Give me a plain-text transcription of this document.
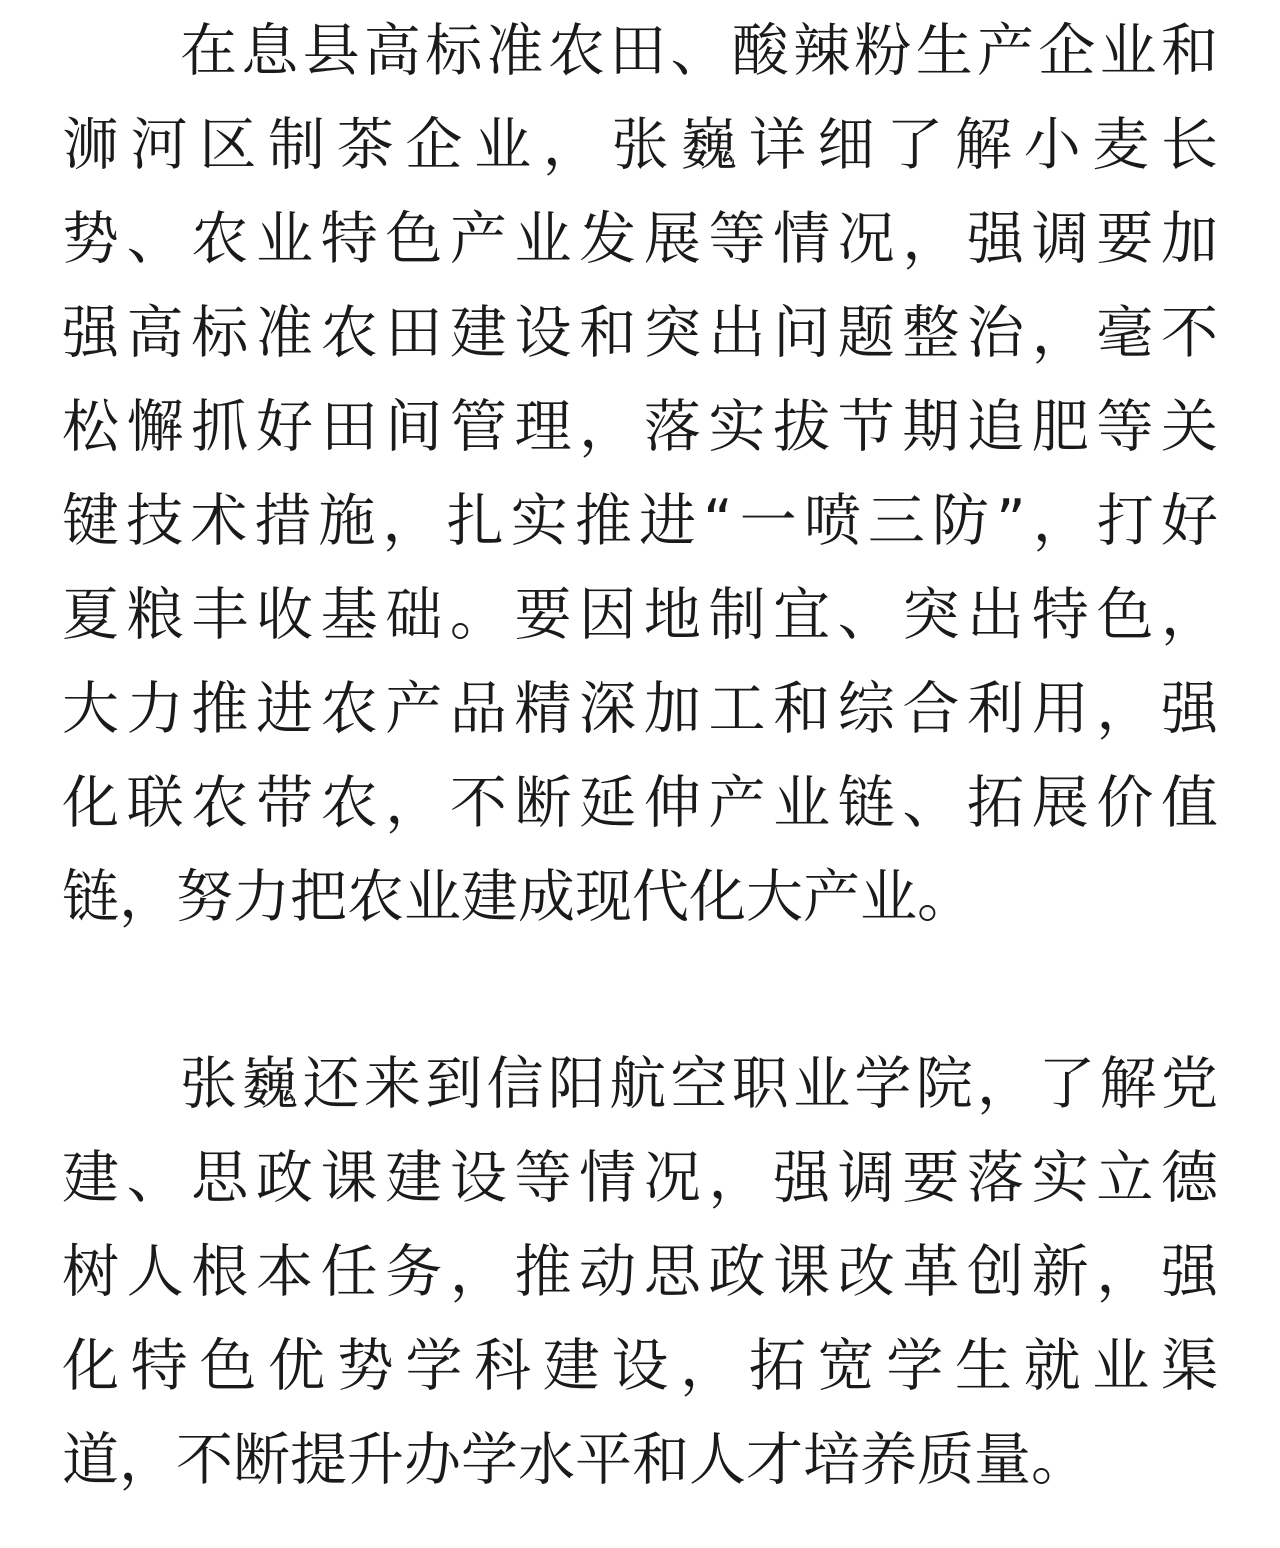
在息县高标准农田、酸辣粉生产企业和
浉河区制茶企业，张巍详细了解小麦长
势、农业特色产业发展等情况，强调要加
强高标准农田建设和突出问题整治，毫不
松懈抓好田间管理，落实拔节期追肥等关
键技术措施，扎实推进“一喷三防”，打好
夏粮丰收基础。要因地制宜、突出特色，
大力推进农产品精深加工和综合利用，强
化联农带农，不断延伸产业链、拓展价值
链，努力把农业建成现代化大产业。
张巍还来到信阳航空职业学院，了解党
建、思政课建设等情况，强调要落实立德
树人根本任务，推动思政课改革创新，强
化特色优势学科建设，拓宽学生就业渠
道，不断提升办学水平和人才培养质量。
